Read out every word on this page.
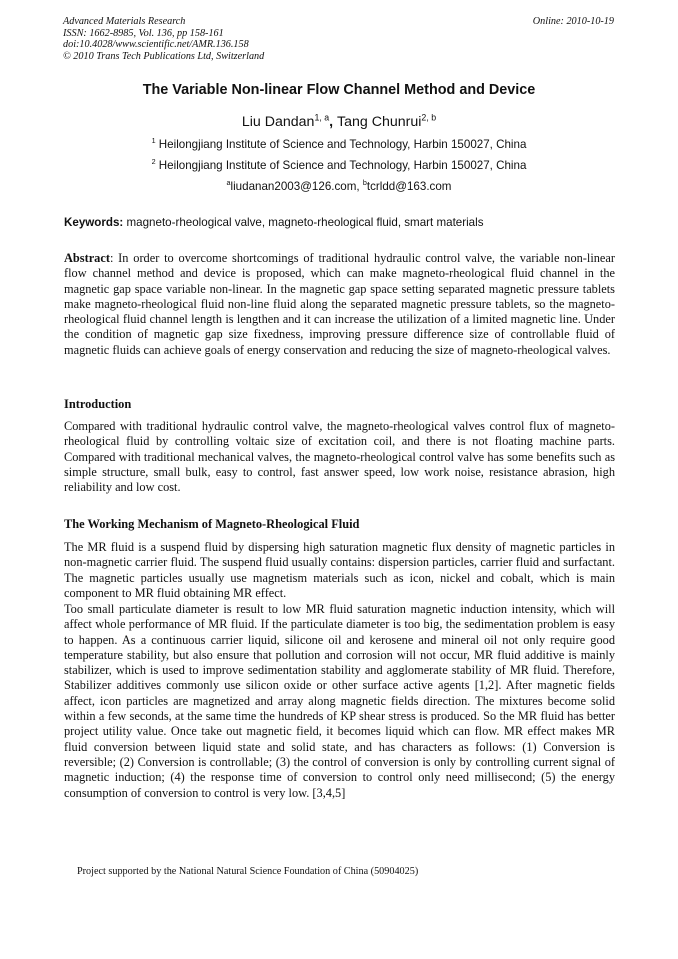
Advanced Materials Research
ISSN: 1662-8985, Vol. 136, pp 158-161
doi:10.4028/www.scientific.net/AMR.136.158
© 2010 Trans Tech Publications Ltd, Switzerland
Online: 2010-10-19
The Variable Non-linear Flow Channel Method and Device
Liu Dandan$^{1, a}$, Tang Chunrui$^{2, b}$
$^1$ Heilongjiang Institute of Science and Technology, Harbin 150027, China
$^2$ Heilongjiang Institute of Science and Technology, Harbin 150027, China
$^a$liudanan2003@126.com, $^b$tcrldd@163.com
Keywords: magneto-rheological valve, magneto-rheological fluid, smart materials
Abstract: In order to overcome shortcomings of traditional hydraulic control valve, the variable non-linear flow channel method and device is proposed, which can make magneto-rheological fluid channel in the magnetic gap space variable non-linear. In the magnetic gap space setting separated magnetic pressure tablets make magneto-rheological fluid non-line fluid along the separated magnetic pressure tablets, so the magneto-rheological fluid channel length is lengthen and it can increase the utilization of a limited magnetic line. Under the condition of magnetic gap size fixedness, improving pressure difference size of controllable fluid of magnetic fluids can achieve goals of energy conservation and reducing the size of magneto-rheological valves.
Introduction
Compared with traditional hydraulic control valve, the magneto-rheological valves control flux of magneto-rheological fluid by controlling voltaic size of excitation coil, and there is not floating machine parts. Compared with traditional mechanical valves, the magneto-rheological control valve has some benefits such as simple structure, small bulk, easy to control, fast answer speed, low work noise, resistance abrasion, high reliability and low cost.
The Working Mechanism of Magneto-Rheological Fluid
The MR fluid is a suspend fluid by dispersing high saturation magnetic flux density of magnetic particles in non-magnetic carrier fluid. The suspend fluid usually contains: dispersion particles, carrier fluid and surfactant. The magnetic particles usually use magnetism materials such as icon, nickel and cobalt, which is main component to MR fluid obtaining MR effect.
Too small particulate diameter is result to low MR fluid saturation magnetic induction intensity, which will affect whole performance of MR fluid. If the particulate diameter is too big, the sedimentation problem is easy to happen. As a continuous carrier liquid, silicone oil and kerosene and mineral oil not only require good temperature stability, but also ensure that pollution and corrosion will not occur, MR fluid additive is mainly stabilizer, which is used to improve sedimentation stability and agglomerate stability of MR fluid. Therefore, Stabilizer additives commonly use silicon oxide or other surface active agents [1,2]. After magnetic fields affect, icon particles are magnetized and array along magnetic fields direction. The mixtures become solid within a few seconds, at the same time the hundreds of KP shear stress is produced. So the MR fluid has better project utility value. Once take out magnetic field, it becomes liquid which can flow. MR effect makes MR fluid conversion between liquid state and solid state, and has characters as follows: (1) Conversion is reversible; (2) Conversion is controllable; (3) the control of conversion is only by controlling current signal of magnetic induction; (4) the response time of conversion to control only need millisecond; (5) the energy consumption of conversion to control is very low. [3,4,5]
Project supported by the National Natural Science Foundation of China (50904025)
